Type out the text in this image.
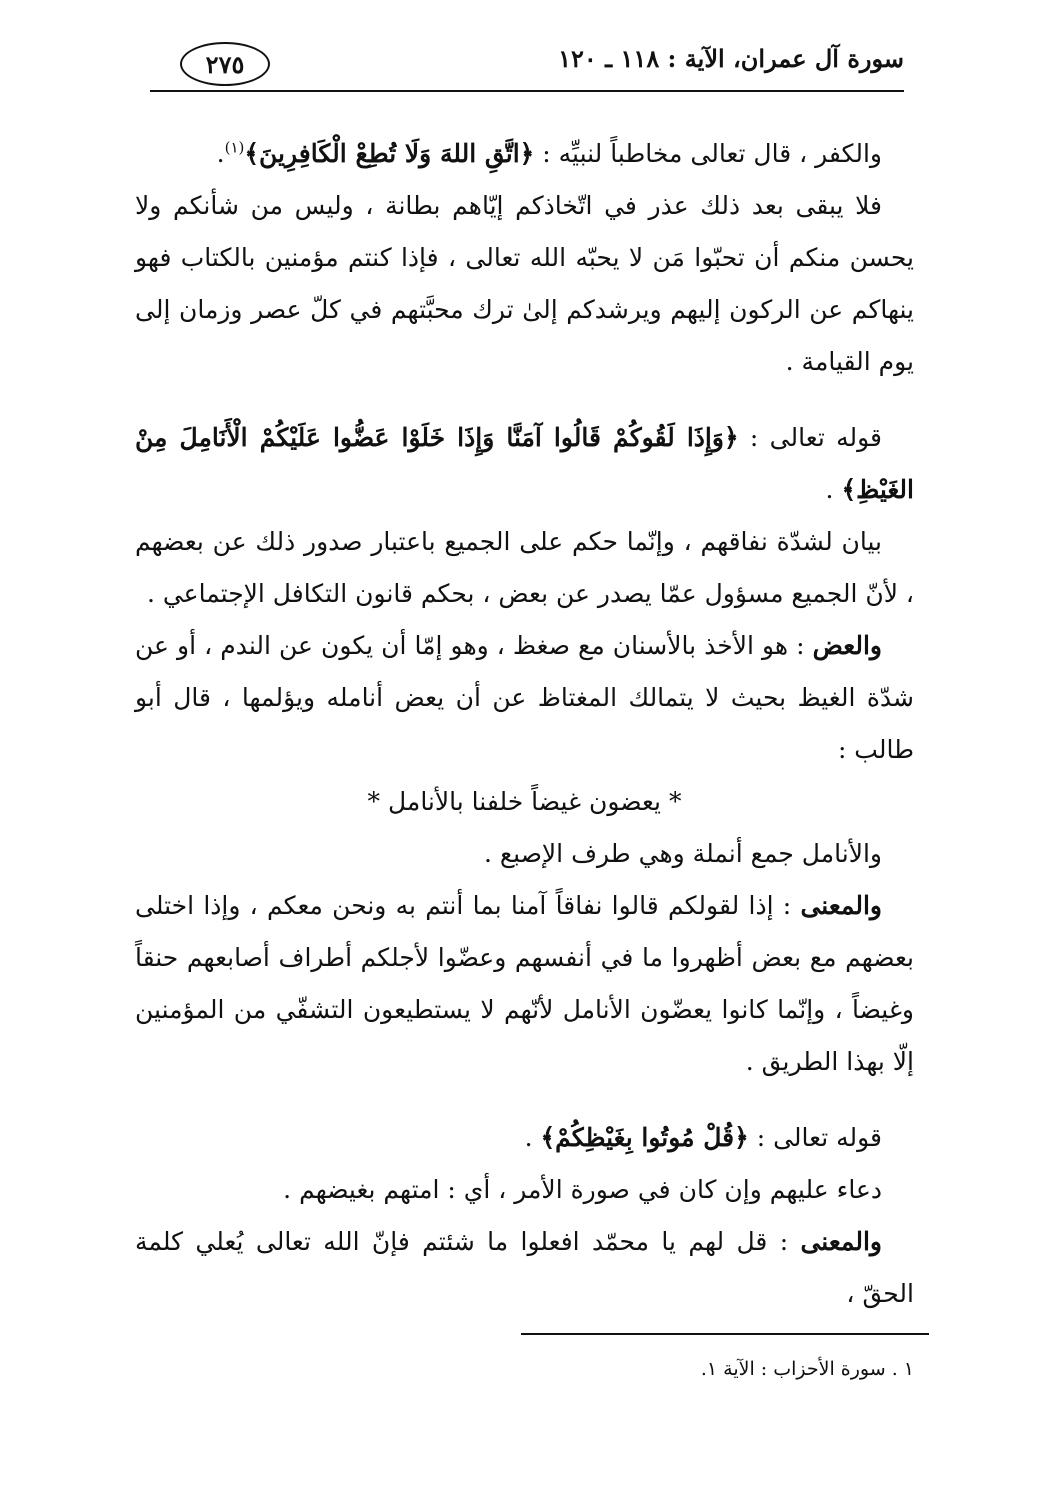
سورة آل عمران، الآية : ١١٨ ـ ١٢٠
٢٧٥

والكفر ، قال تعالى مخاطباً لنبيِّه : ﴿اتَّقِ اللهَ وَلَا تُطِعْ الْكَافِرِينَ﴾$^{(١)}$.

فلا يبقى بعد ذلك عذر في اتّخاذكم إيّاهم بطانة ، وليس من شأنكم ولا يحسن منكم أن تحبّوا مَن لا يحبّه الله تعالى ، فإذا كنتم مؤمنين بالكتاب فهو ينهاكم عن الركون إليهم ويرشدكم إلىٰ ترك محبَّتهم في كلّ عصر وزمان إلى يوم القيامة .

قوله تعالى : ﴿وَإِذَا لَقُوكُمْ قَالُوا آمَنَّا وَإِذَا خَلَوْا عَضُّوا عَلَيْكُمْ الْأَنَامِلَ مِنْ الغَيْظِ﴾ .

بيان لشدّة نفاقهم ، وإنّما حكم على الجميع باعتبار صدور ذلك عن بعضهم ، لأنّ الجميع مسؤول عمّا يصدر عن بعض ، بحكم قانون التكافل الإجتماعي .

والعض : هو الأخذ بالأسنان مع صغظ ، وهو إمّا أن يكون عن الندم ، أو عن شدّة الغيظ بحيث لا يتمالك المغتاظ عن أن يعض أنامله ويؤلمها ، قال أبو طالب :

* يعضون غيضاً خلفنا بالأنامل *

والأنامل جمع أنملة وهي طرف الإصبع .

والمعنى : إذا لقولكم قالوا نفاقاً آمنا بما أنتم به ونحن معكم ، وإذا اختلى بعضهم مع بعض أظهروا ما في أنفسهم وعضّوا لأجلكم أطراف أصابعهم حنقاً وغيضاً ، وإنّما كانوا يعضّون الأنامل لأنّهم لا يستطيعون التشفّي من المؤمنين إلّا بهذا الطريق .

قوله تعالى : ﴿قُلْ مُوتُوا بِغَيْظِكُمْ﴾ .

دعاء عليهم وإن كان في صورة الأمر ، أي : امتهم بغيضهم .

والمعنى : قل لهم يا محمّد افعلوا ما شئتم فإنّ الله تعالى يُعلي كلمة الحقّ ،

١ . سورة الأحزاب : الآية ١.
